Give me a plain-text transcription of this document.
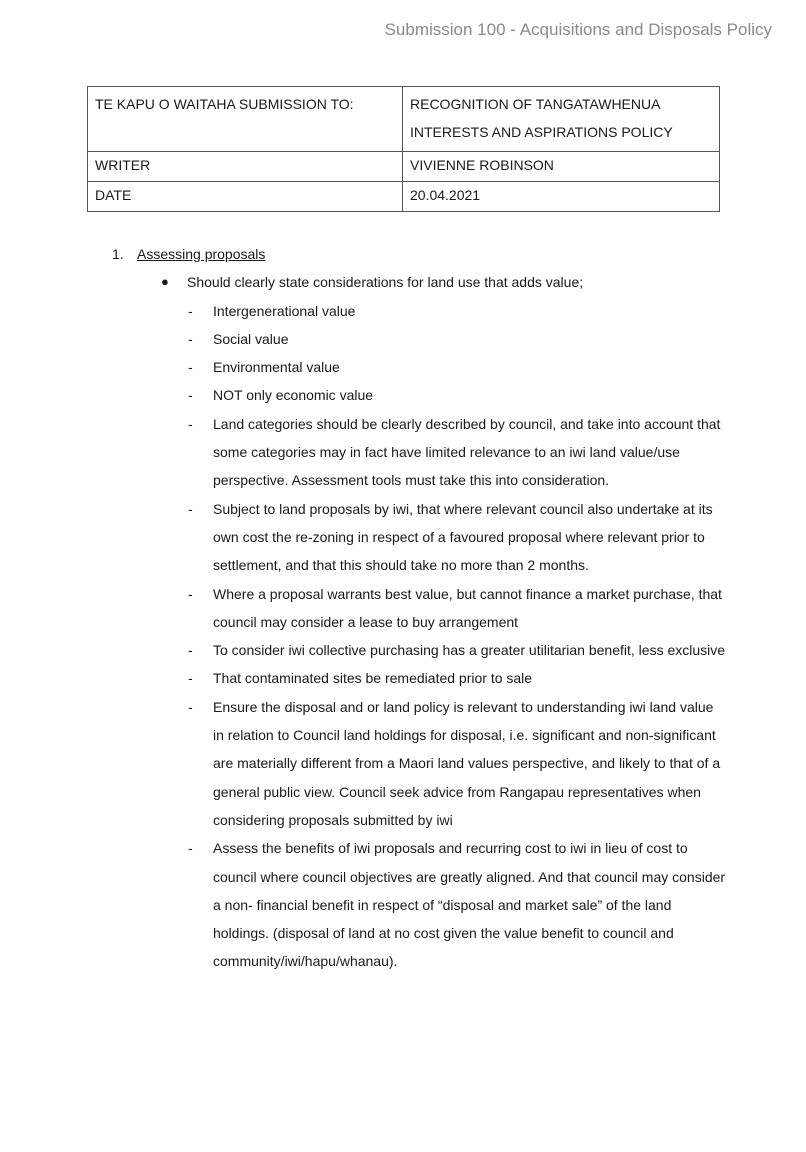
Submission 100 - Acquisitions and Disposals Policy
TE KAPU O WAITAHA SUBMISSION TO:	RECOGNITION OF TANGATAWHENUA
INTERESTS AND ASPIRATIONS POLICY

WRITER	VIVIENNE ROBINSON
DATE	20.04.2021
1. Assessing proposals
● Should clearly state considerations for land use that adds value;
- Intergenerational value
- Social value
- Environmental value
- NOT only economic value
- Land categories should be clearly described by council, and take into account that some categories may in fact have limited relevance to an iwi land value/use perspective. Assessment tools must take this into consideration.
- Subject to land proposals by iwi, that where relevant council also undertake at its own cost the re-zoning in respect of a favoured proposal where relevant prior to settlement, and that this should take no more than 2 months.
- Where a proposal warrants best value, but cannot finance a market purchase, that council may consider a lease to buy arrangement
- To consider iwi collective purchasing has a greater utilitarian benefit, less exclusive
- That contaminated sites be remediated prior to sale
- Ensure the disposal and or land policy is relevant to understanding iwi land value in relation to Council land holdings for disposal, i.e. significant and non-significant are materially different from a Maori land values perspective, and likely to that of a general public view. Council seek advice from Rangapau representatives when considering proposals submitted by iwi
- Assess the benefits of iwi proposals and recurring cost to iwi in lieu of cost to council where council objectives are greatly aligned. And that council may consider a non- financial benefit in respect of “disposal and market sale” of the land holdings. (disposal of land at no cost given the value benefit to council and community/iwi/hapu/whanau).
